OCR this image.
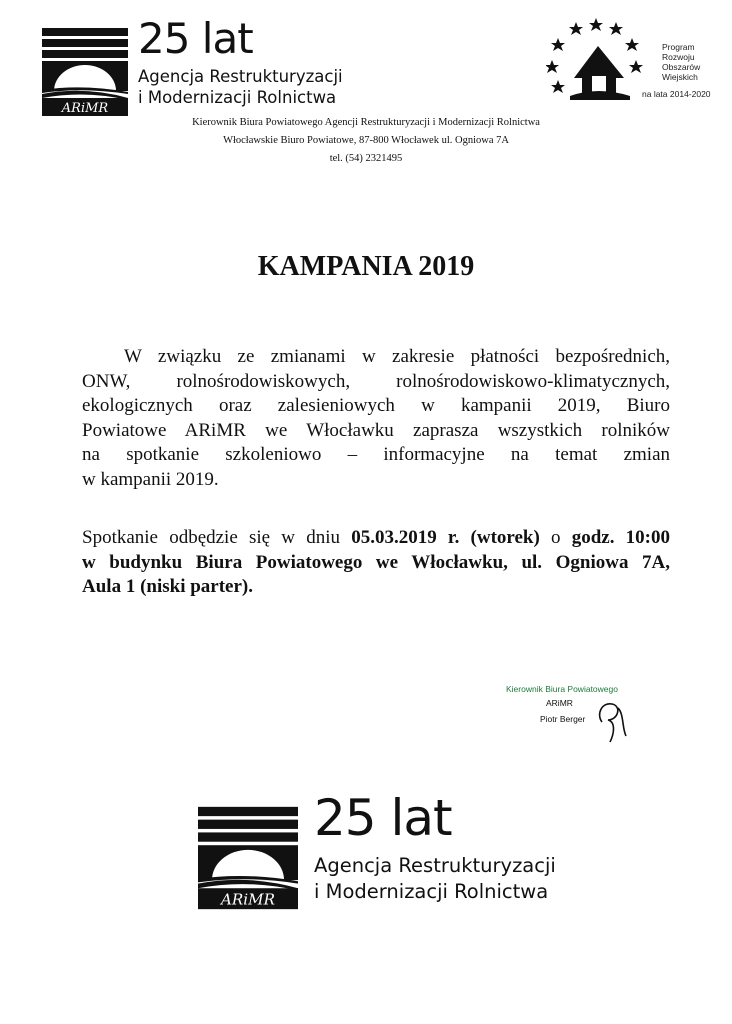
ARiMR
25 lat
Agencja Restrukturyzacji
i Modernizacji Rolnictwa
Program
Rozwoju
Obszarów
Wiejskich
na lata 2014-2020
Kierownik Biura Powiatowego Agencji Restrukturyzacji i Modernizacji Rolnictwa
Włocławskie Biuro Powiatowe, 87-800 Włocławek ul. Ogniowa 7A
tel. (54) 2321495
KAMPANIA 2019
W związku ze zmianami w zakresie płatności bezpośrednich,
ONW, rolnośrodowiskowych, rolnośrodowiskowo-klimatycznych,
ekologicznych oraz zalesieniowych w kampanii 2019, Biuro
Powiatowe ARiMR we Włocławku zaprasza wszystkich rolników
na spotkanie szkoleniowo – informacyjne na temat zmian
w kampanii 2019.
Spotkanie odbędzie się w dniu 05.03.2019 r. (wtorek) o godz. 10:00
w budynku Biura Powiatowego we Włocławku, ul. Ogniowa 7A,
Aula 1 (niski parter).
Kierownik Biura Powiatowego
ARiMR
Piotr Berger
ARiMR
25 lat
Agencja Restrukturyzacji
i Modernizacji Rolnictwa
